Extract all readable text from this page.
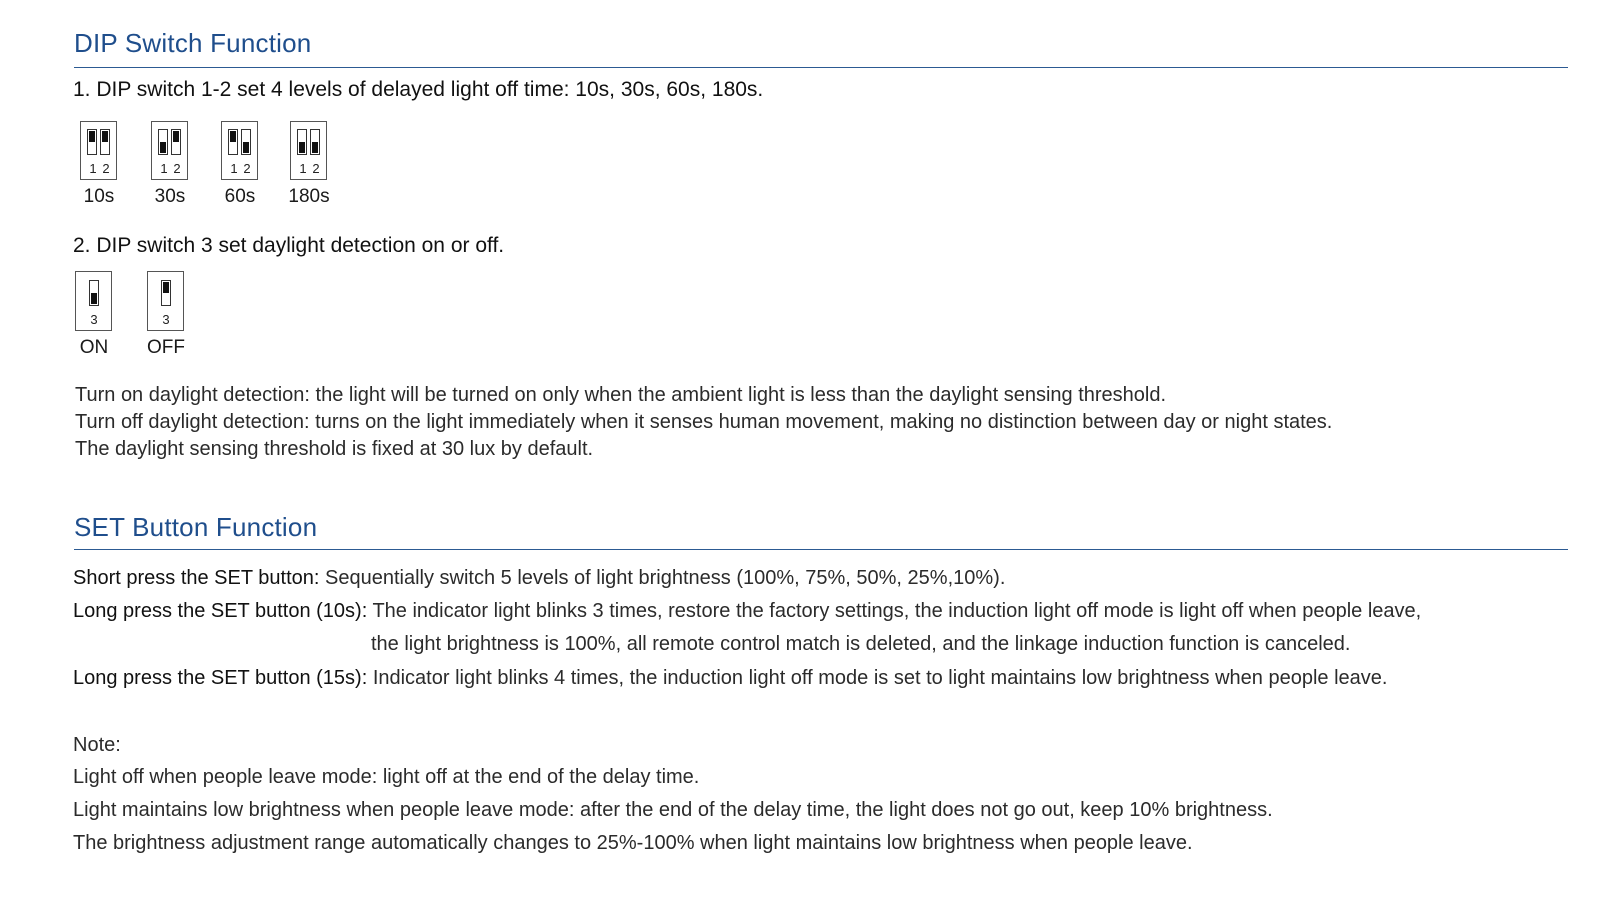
DIP Switch Function
1. DIP switch 1-2 set 4 levels of delayed light off time: 10s, 30s, 60s, 180s.
1 2
10s
1 2
30s
1 2
60s
1 2
180s
2. DIP switch 3 set daylight detection on or off.
3
ON
3
OFF
Turn on daylight detection: the light will be turned on only when the ambient light is less than the daylight sensing threshold.
Turn off daylight detection: turns on the light immediately when it senses human movement, making no distinction between day or night states.
The daylight sensing threshold is fixed at 30 lux by default.
SET Button Function
Short press the SET button: Sequentially switch 5 levels of light brightness (100%, 75%, 50%, 25%,10%).
Long press the SET button (10s): The indicator light blinks 3 times, restore the factory settings, the induction light off mode is light off when people leave,
the light brightness is 100%, all remote control match is deleted, and the linkage induction function is canceled.
Long press the SET button (15s): Indicator light blinks 4 times, the induction light off mode is set to light maintains low brightness when people leave.
Note:
Light off when people leave mode: light off at the end of the delay time.
Light maintains low brightness when people leave mode: after the end of the delay time, the light does not go out, keep 10% brightness.
The brightness adjustment range automatically changes to 25%-100% when light maintains low brightness when people leave.
